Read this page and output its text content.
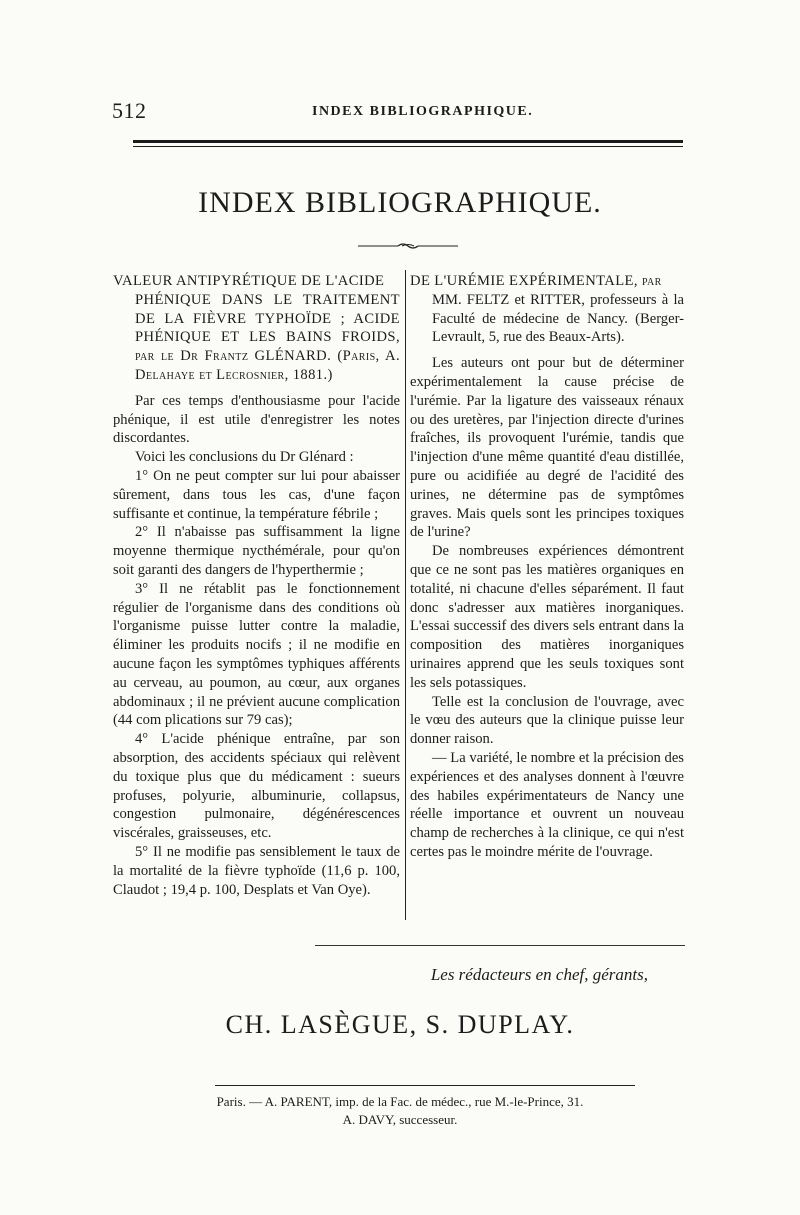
512	INDEX BIBLIOGRAPHIQUE.
INDEX BIBLIOGRAPHIQUE.

VALEUR ANTIPYRÉTIQUE DE L'ACIDE
PHÉNIQUE DANS LE TRAITEMENT DE LA FIÈVRE TYPHOÏDE ; ACIDE PHÉNIQUE ET LES BAINS FROIDS, par le Dr Frantz GLÉNARD. (Paris, A. Delahaye et Lecrosnier, 1881.)

Par ces temps d'enthousiasme pour l'acide phénique, il est utile d'enregistrer les notes discordantes.

Voici les conclusions du Dr Glénard :

1° On ne peut compter sur lui pour abaisser sûrement, dans tous les cas, d'une façon suffisante et continue, la température fébrile ;

2° Il n'abaisse pas suffisamment la ligne moyenne thermique nycthémérale, pour qu'on soit garanti des dangers de l'hyperthermie ;

3° Il ne rétablit pas le fonctionnement régulier de l'organisme dans des conditions où l'organisme puisse lutter contre la maladie, éliminer les produits nocifs ; il ne modifie en aucune façon les symptômes typhiques afférents au cerveau, au poumon, au cœur, aux organes abdominaux ; il ne prévient aucune complication (44 com plications sur 79 cas);

4° L'acide phénique entraîne, par son absorption, des accidents spéciaux qui relèvent du toxique plus que du médicament : sueurs profuses, polyurie, albuminurie, collapsus, congestion pulmonaire, dégénérescences viscérales, graisseuses, etc.

5° Il ne modifie pas sensiblement le taux de la mortalité de la fièvre typhoïde (11,6 p. 100, Claudot ; 19,4 p. 100, Desplats et Van Oye).

DE L'URÉMIE EXPÉRIMENTALE, par
MM. FELTZ et RITTER, professeurs à la Faculté de médecine de Nancy. (Berger-Levrault, 5, rue des Beaux-Arts).

Les auteurs ont pour but de déterminer expérimentalement la cause précise de l'urémie. Par la ligature des vaisseaux rénaux ou des uretères, par l'injection directe d'urines fraîches, ils provoquent l'urémie, tandis que l'injection d'une même quantité d'eau distillée, pure ou acidifiée au degré de l'acidité des urines, ne détermine pas de symptômes graves. Mais quels sont les principes toxiques de l'urine?

De nombreuses expériences démontrent que ce ne sont pas les matières organiques en totalité, ni chacune d'elles séparément. Il faut donc s'adresser aux matières inorganiques. L'essai successif des divers sels entrant dans la composition des matières inorganiques urinaires apprend que les seuls toxiques sont les sels potassiques.

Telle est la conclusion de l'ouvrage, avec le vœu des auteurs que la clinique puisse leur donner raison.

— La variété, le nombre et la précision des expériences et des analyses donnent à l'œuvre des habiles expérimentateurs de Nancy une réelle importance et ouvrent un nouveau champ de recherches à la clinique, ce qui n'est certes pas le moindre mérite de l'ouvrage.

Les rédacteurs en chef, gérants,
CH. LASÈGUE, S. DUPLAY.
Paris. — A. PARENT, imp. de la Fac. de médec., rue M.-le-Prince, 31.
A. DAVY, successeur.
